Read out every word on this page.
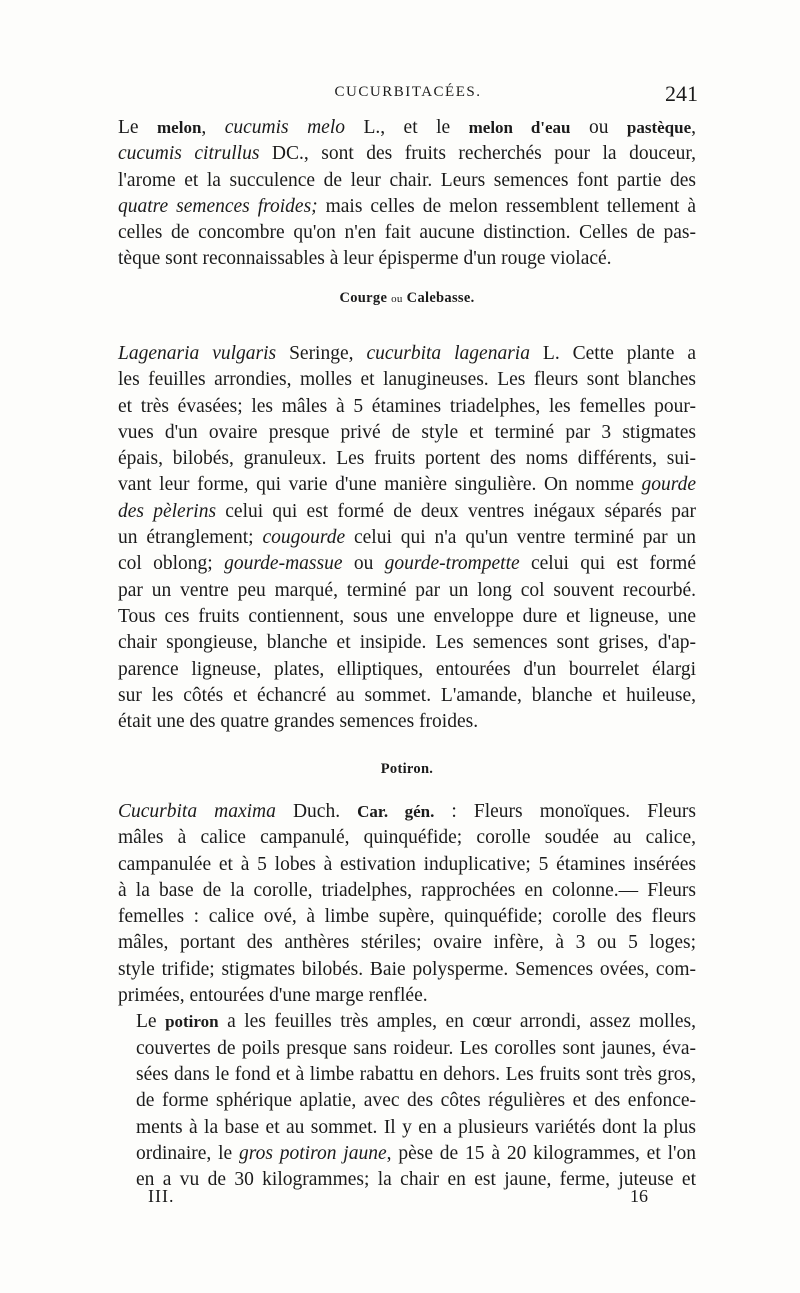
CUCURBITACÉES.	241

Le melon, cucumis melo L., et le melon d'eau ou pastèque,
cucumis citrullus DC., sont des fruits recherchés pour la douceur,
l'arome et la succulence de leur chair. Leurs semences font partie des
quatre semences froides; mais celles de melon ressemblent tellement à
celles de concombre qu'on n'en fait aucune distinction. Celles de pas-
tèque sont reconnaissables à leur épisperme d'un rouge violacé.

Courge ou Calebasse.

Lagenaria vulgaris Seringe, cucurbita lagenaria L. Cette plante a
les feuilles arrondies, molles et lanugineuses. Les fleurs sont blanches
et très évasées; les mâles à 5 étamines triadelphes, les femelles pour-
vues d'un ovaire presque privé de style et terminé par 3 stigmates
épais, bilobés, granuleux. Les fruits portent des noms différents, sui-
vant leur forme, qui varie d'une manière singulière. On nomme gourde
des pèlerins celui qui est formé de deux ventres inégaux séparés par
un étranglement; cougourde celui qui n'a qu'un ventre terminé par un
col oblong; gourde-massue ou gourde-trompette celui qui est formé
par un ventre peu marqué, terminé par un long col souvent recourbé.
Tous ces fruits contiennent, sous une enveloppe dure et ligneuse, une
chair spongieuse, blanche et insipide. Les semences sont grises, d'ap-
parence ligneuse, plates, elliptiques, entourées d'un bourrelet élargi
sur les côtés et échancré au sommet. L'amande, blanche et huileuse,
était une des quatre grandes semences froides.

Potiron.

Cucurbita maxima Duch. Car. gén. : Fleurs monoïques. Fleurs
mâles à calice campanulé, quinquéfide; corolle soudée au calice,
campanulée et à 5 lobes à estivation induplicative; 5 étamines insérées
à la base de la corolle, triadelphes, rapprochées en colonne.— Fleurs
femelles : calice ové, à limbe supère, quinquéfide; corolle des fleurs
mâles, portant des anthères stériles; ovaire infère, à 3 ou 5 loges;
style trifide; stigmates bilobés. Baie polysperme. Semences ovées, com-
primées, entourées d'une marge renflée.

Le potiron a les feuilles très amples, en cœur arrondi, assez molles,
couvertes de poils presque sans roideur. Les corolles sont jaunes, éva-
sées dans le fond et à limbe rabattu en dehors. Les fruits sont très gros,
de forme sphérique aplatie, avec des côtes régulières et des enfonce-
ments à la base et au sommet. Il y en a plusieurs variétés dont la plus
ordinaire, le gros potiron jaune, pèse de 15 à 20 kilogrammes, et l'on
en a vu de 30 kilogrammes; la chair en est jaune, ferme, juteuse et

III.	16
